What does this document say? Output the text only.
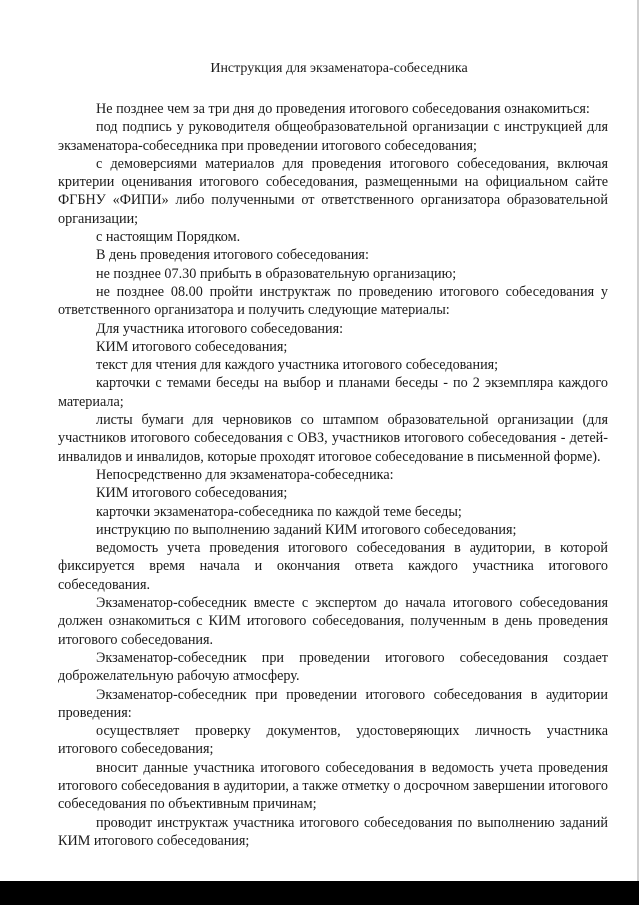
Инструкция для экзаменатора-собеседника

Не позднее чем за три дня до проведения итогового собеседования ознакомиться:

под подпись у руководителя общеобразовательной организации с инструкцией для экзаменатора-собеседника при проведении итогового собеседования;

с демоверсиями материалов для проведения итогового собеседования, включая критерии оценивания итогового собеседования, размещенными на официальном сайте ФГБНУ «ФИПИ» либо полученными от ответственного организатора образовательной организации;

с настоящим Порядком.

В день проведения итогового собеседования:

не позднее 07.30 прибыть в образовательную организацию;

не позднее 08.00 пройти инструктаж по проведению итогового собеседования у ответственного организатора и получить следующие материалы:

Для участника итогового собеседования:

КИМ итогового собеседования;

текст для чтения для каждого участника итогового собеседования;

карточки с темами беседы на выбор и планами беседы - по 2 экземпляра каждого материала;

листы бумаги для черновиков со штампом образовательной организации (для участников итогового собеседования с ОВЗ, участников итогового собеседования - детей-инвалидов и инвалидов, которые проходят итоговое собеседование в письменной форме).

Непосредственно для экзаменатора-собеседника:

КИМ итогового собеседования;

карточки экзаменатора-собеседника по каждой теме беседы;

инструкцию по выполнению заданий КИМ итогового собеседования;

ведомость учета проведения итогового собеседования в аудитории, в которой фиксируется время начала и окончания ответа каждого участника итогового собеседования.

Экзаменатор-собеседник вместе с экспертом до начала итогового собеседования должен ознакомиться с КИМ итогового собеседования, полученным в день проведения итогового собеседования.

Экзаменатор-собеседник при проведении итогового собеседования создает доброжелательную рабочую атмосферу.

Экзаменатор-собеседник при проведении итогового собеседования в аудитории проведения:

осуществляет проверку документов, удостоверяющих личность участника итогового собеседования;

вносит данные участника итогового собеседования в ведомость учета проведения итогового собеседования в аудитории, а также отметку о досрочном завершении итогового собеседования по объективным причинам;

проводит инструктаж участника итогового собеседования по выполнению заданий КИМ итогового собеседования;
